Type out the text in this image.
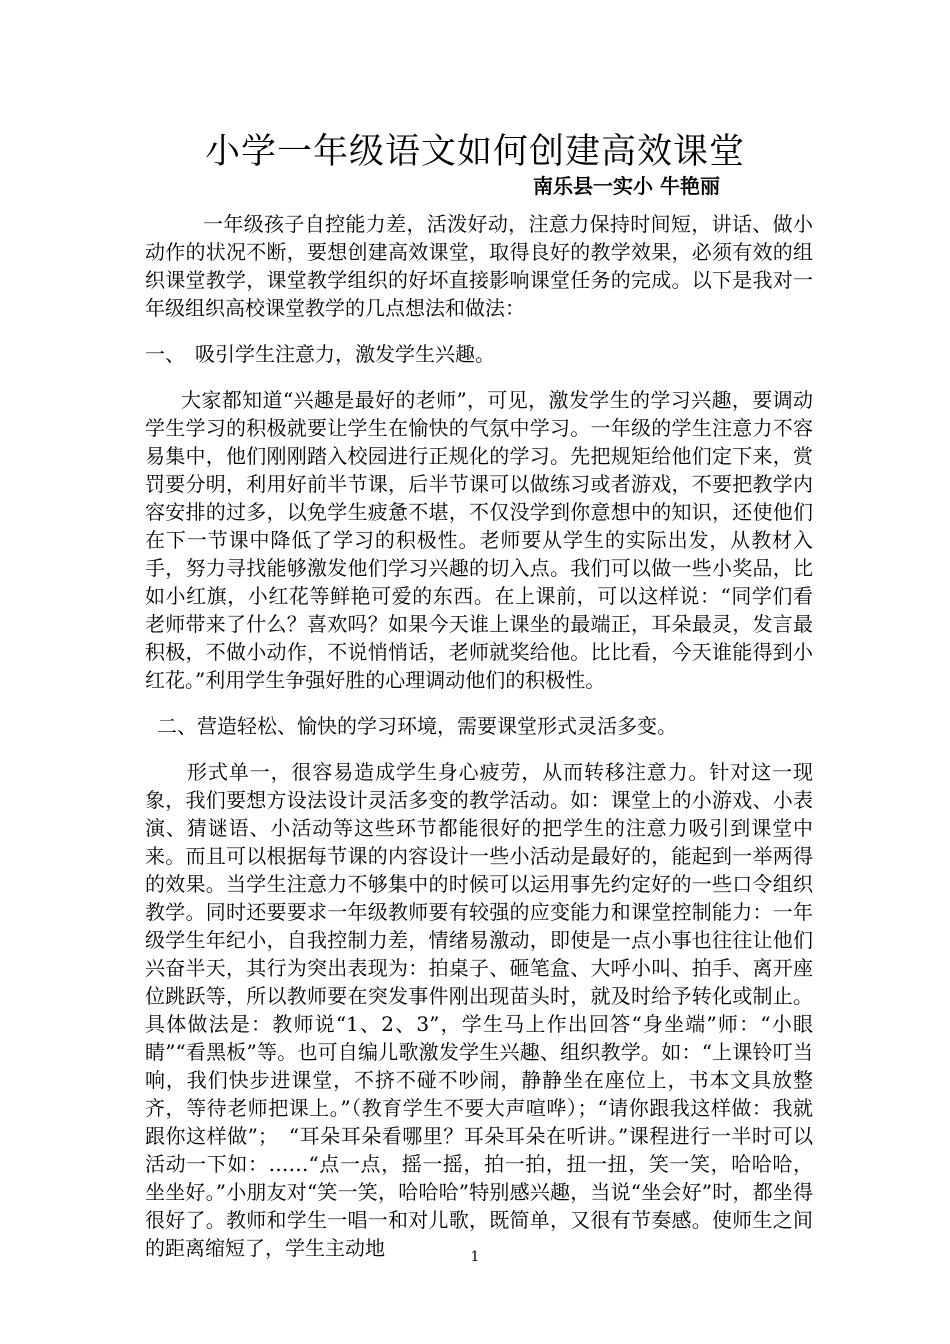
小学一年级语文如何创建高效课堂
南乐县一实小 牛艳丽

一年级孩子自控能力差，活泼好动，注意力保持时间短，讲话、做小动作的状况不断，要想创建高效课堂，取得良好的教学效果，必须有效的组织课堂教学，课堂教学组织的好坏直接影响课堂任务的完成。以下是我对一年级组织高校课堂教学的几点想法和做法：

一、　吸引学生注意力，激发学生兴趣。

大家都知道“兴趣是最好的老师”，可见，激发学生的学习兴趣，要调动学生学习的积极就要让学生在愉快的气氛中学习。一年级的学生注意力不容易集中，他们刚刚踏入校园进行正规化的学习。先把规矩给他们定下来，赏罚要分明，利用好前半节课，后半节课可以做练习或者游戏，不要把教学内容安排的过多，以免学生疲惫不堪，不仅没学到你意想中的知识，还使他们在下一节课中降低了学习的积极性。老师要从学生的实际出发，从教材入手，努力寻找能够激发他们学习兴趣的切入点。我们可以做一些小奖品，比如小红旗，小红花等鲜艳可爱的东西。在上课前，可以这样说：“同学们看老师带来了什么？喜欢吗？如果今天谁上课坐的最端正，耳朵最灵，发言最积极，不做小动作，不说悄悄话，老师就奖给他。比比看，今天谁能得到小红花。”利用学生争强好胜的心理调动他们的积极性。

二、营造轻松、愉快的学习环境，需要课堂形式灵活多变。

形式单一，很容易造成学生身心疲劳，从而转移注意力。针对这一现象，我们要想方设法设计灵活多变的教学活动。如：课堂上的小游戏、小表演、猜谜语、小活动等这些环节都能很好的把学生的注意力吸引到课堂中来。而且可以根据每节课的内容设计一些小活动是最好的，能起到一举两得的效果。当学生注意力不够集中的时候可以运用事先约定好的一些口令组织教学。同时还要要求一年级教师要有较强的应变能力和课堂控制能力：一年级学生年纪小，自我控制力差，情绪易激动，即使是一点小事也往往让他们兴奋半天，其行为突出表现为：拍桌子、砸笔盒、大呼小叫、拍手、离开座位跳跃等，所以教师要在突发事件刚出现苗头时，就及时给予转化或制止。具体做法是：教师说“1、2、3”，学生马上作出回答“身坐端”师：“小眼睛”“看黑板”等。也可自编儿歌激发学生兴趣、组织教学。如：“上课铃叮当响，我们快步进课堂，不挤不碰不吵闹，静静坐在座位上，书本文具放整齐，等待老师把课上。”（教育学生不要大声喧哗）；“请你跟我这样做：我就跟你这样做”；　“耳朵耳朵看哪里？耳朵耳朵在听讲。”课程进行一半时可以活动一下如：……“点一点，摇一摇，拍一拍，扭一扭，笑一笑，哈哈哈，坐坐好。”小朋友对“笑一笑，哈哈哈”特别感兴趣，当说“坐会好”时，都坐得很好了。教师和学生一唱一和对儿歌，既简单，又很有节奏感。使师生之间的距离缩短了，学生主动地	1
